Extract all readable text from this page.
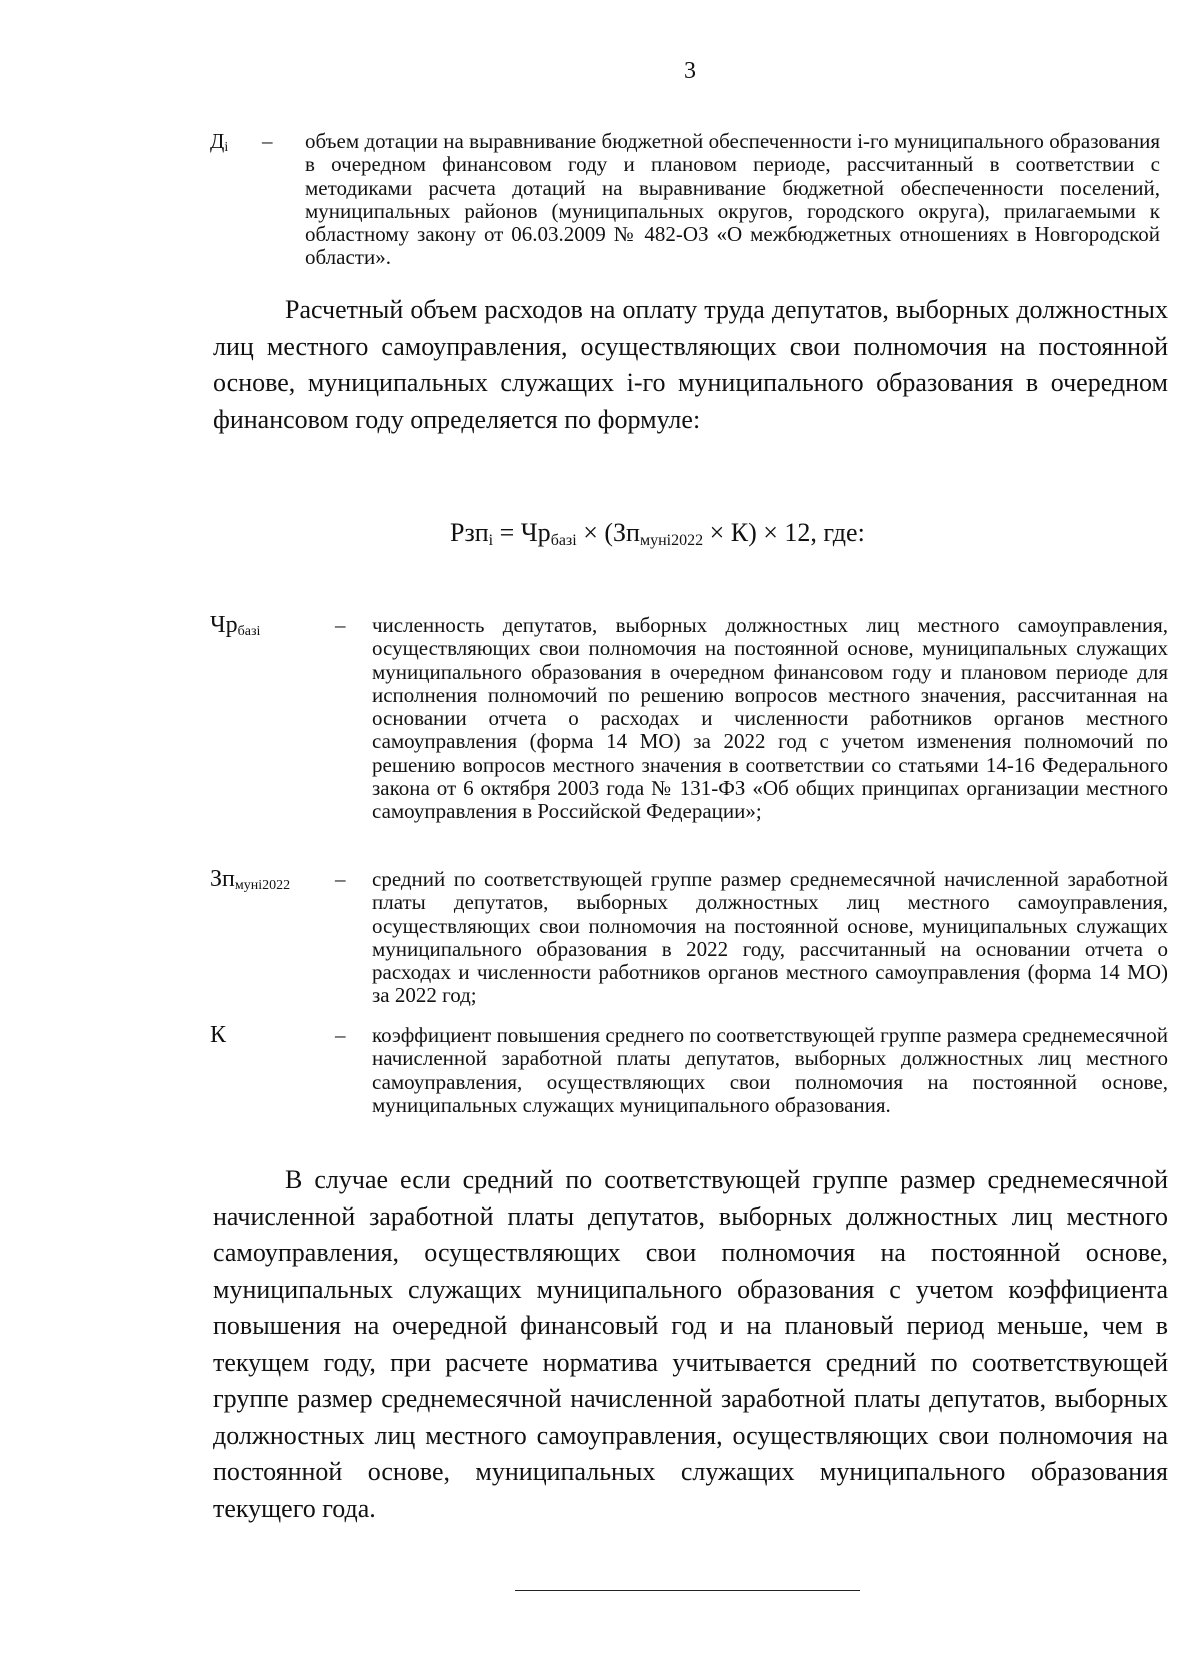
3
$Д_i$ – объем дотации на выравнивание бюджетной обеспеченности i-го муниципального образования в очередном финансовом году и плановом периоде, рассчитанный в соответствии с методиками расчета дотаций на выравнивание бюджетной обеспеченности поселений, муниципальных районов (муниципальных округов, городского округа), прилагаемыми к областному закону от 06.03.2009 № 482-ОЗ «О межбюджетных отношениях в Новгородской области».
Расчетный объем расходов на оплату труда депутатов, выборных должностных лиц местного самоуправления, осуществляющих свои полномочия на постоянной основе, муниципальных служащих i-го муниципального образования в очередном финансовом году определяется по формуле:
$Рзп_i = Чр_{базi} \times (Зп_{мунi2022} \times К) \times 12$, где:
$Чр_{базi}$	– численность депутатов, выборных должностных лиц местного самоуправления, осуществляющих свои полномочия на постоянной основе, муниципальных служащих муниципального образования в очередном финансовом году и плановом периоде для исполнения полномочий по решению вопросов местного значения, рассчитанная на основании отчета о расходах и численности работников органов местного самоуправления (форма 14 МО) за 2022 год с учетом изменения полномочий по решению вопросов местного значения в соответствии со статьями 14-16 Федерального закона от 6 октября 2003 года № 131-ФЗ «Об общих принципах организации местного самоуправления в Российской Федерации»;
$Зп_{мунi2022}$ – средний по соответствующей группе размер среднемесячной начисленной заработной платы депутатов, выборных должностных лиц местного самоуправления, осуществляющих свои полномочия на постоянной основе, муниципальных служащих муниципального образования в 2022 году, рассчитанный на основании отчета о расходах и численности работников органов местного самоуправления (форма 14 МО) за 2022 год;
К	– коэффициент повышения среднего по соответствующей группе размера среднемесячной начисленной заработной платы депутатов, выборных должностных лиц местного самоуправления, осуществляющих свои полномочия на постоянной основе, муниципальных служащих муниципального образования.
В случае если средний по соответствующей группе размер среднемесячной начисленной заработной платы депутатов, выборных должностных лиц местного самоуправления, осуществляющих свои полномочия на постоянной основе, муниципальных служащих муниципального образования с учетом коэффициента повышения на очередной финансовый год и на плановый период меньше, чем в текущем году, при расчете норматива учитывается средний по соответствующей группе размер среднемесячной начисленной заработной платы депутатов, выборных должностных лиц местного самоуправления, осуществляющих свои полномочия на постоянной основе, муниципальных служащих муниципального образования текущего года.
